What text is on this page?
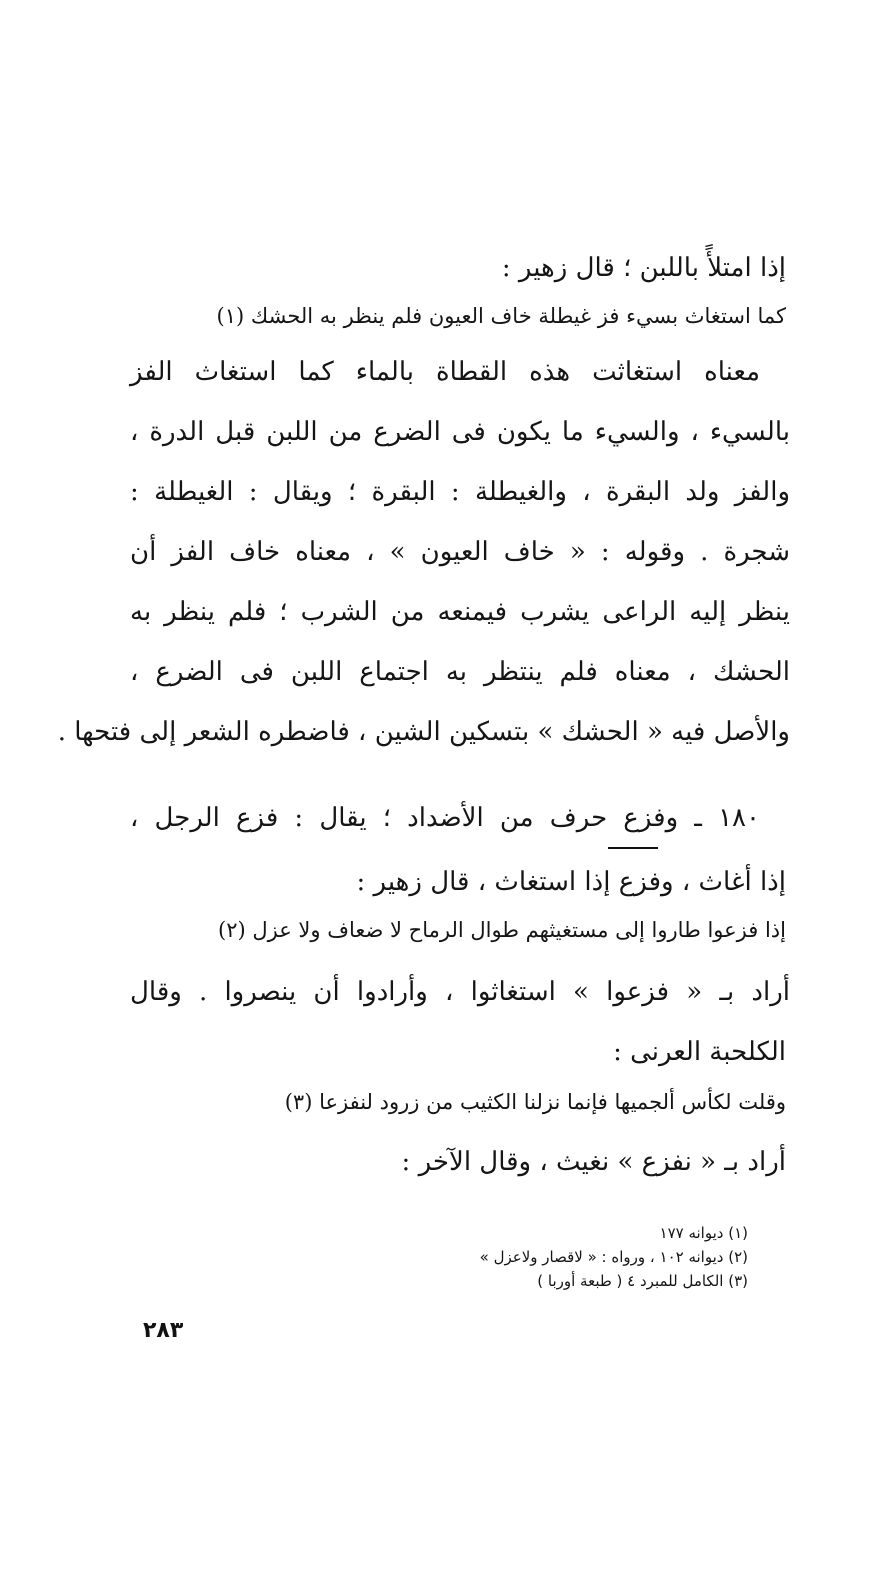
إذا امتلأً باللبن ؛ قال زهير :
كما استغاث بسيء فز غيطلة خاف العيون فلم ينظر به الحشك (١)
معناه استغاثت هذه القطاة بالماء كما استغاث الفز
بالسيء ، والسيء ما يكون فى الضرع من اللبن قبل الدرة ،
والفز ولد البقرة ، والغيطلة : البقرة ؛ ويقال : الغيطلة :
شجرة . وقوله : « خاف العيون » ، معناه خاف الفز أن
ينظر إليه الراعى يشرب فيمنعه من الشرب ؛ فلم ينظر به
الحشك ، معناه فلم ينتظر به اجتماع اللبن فى الضرع ،
والأصل فيه « الحشك » بتسكين الشين ، فاضطره الشعر إلى فتحها .
١٨٠ ـ وفزع حرف من الأضداد ؛ يقال : فزع الرجل ،
إذا أغاث ، وفزع إذا استغاث ، قال زهير :
إذا فزعوا طاروا إلى مستغيثهم طوال الرماح لا ضعاف ولا عزل (٢)
أراد بـ « فزعوا » استغاثوا ، وأرادوا أن ينصروا . وقال
الكلحبة العرنى :
وقلت لكأس ألجميها فإنما نزلنا الكثيب من زرود لنفزعا (٣)
أراد بـ « نفزع » نغيث ، وقال الآخر :
(١) ديوانه ١٧٧
(٢) ديوانه ١٠٢ ، ورواه : « لاقصار ولاعزل »
(٣) الكامل للمبرد ٤ ( طبعة أوربا )
٢٨٣
